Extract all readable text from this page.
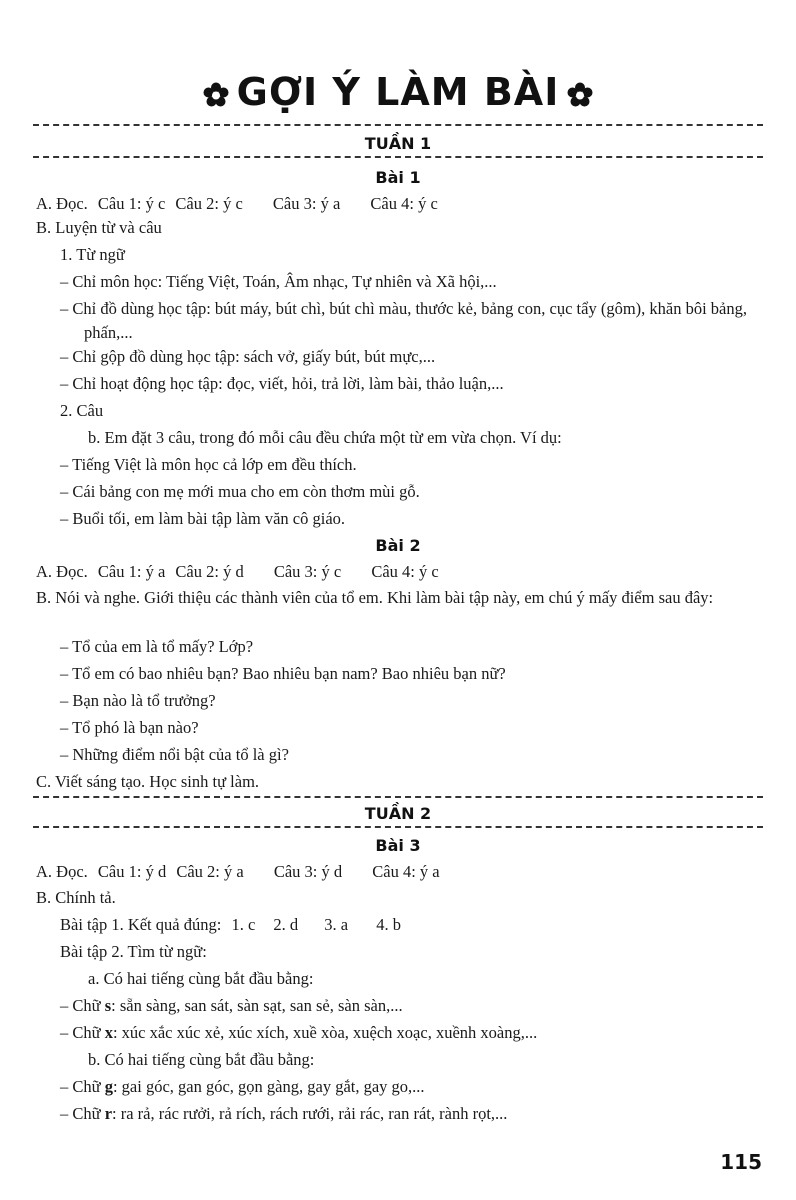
GỢI Ý LÀM BÀI
TUẦN 1
Bài 1
A. Đọc. Câu 1: ý c Câu 2: ý c Câu 3: ý a Câu 4: ý c
B. Luyện từ và câu
1. Từ ngữ
– Chỉ môn học: Tiếng Việt, Toán, Âm nhạc, Tự nhiên và Xã hội,...
– Chỉ đồ dùng học tập: bút máy, bút chì, bút chì màu, thước kẻ, bảng con, cục tẩy (gôm), khăn bôi bảng, phấn,...
– Chỉ gộp đồ dùng học tập: sách vở, giấy bút, bút mực,...
– Chỉ hoạt động học tập: đọc, viết, hỏi, trả lời, làm bài, thảo luận,...
2. Câu
b. Em đặt 3 câu, trong đó mỗi câu đều chứa một từ em vừa chọn. Ví dụ:
– Tiếng Việt là môn học cả lớp em đều thích.
– Cái bảng con mẹ mới mua cho em còn thơm mùi gỗ.
– Buổi tối, em làm bài tập làm văn cô giáo.
Bài 2
A. Đọc. Câu 1: ý a Câu 2: ý d Câu 3: ý c Câu 4: ý c
B. Nói và nghe. Giới thiệu các thành viên của tổ em. Khi làm bài tập này, em chú ý mấy điểm sau đây:
– Tổ của em là tổ mấy? Lớp?
– Tổ em có bao nhiêu bạn? Bao nhiêu bạn nam? Bao nhiêu bạn nữ?
– Bạn nào là tổ trưởng?
– Tổ phó là bạn nào?
– Những điểm nổi bật của tổ là gì?
C. Viết sáng tạo. Học sinh tự làm.
TUẦN 2
Bài 3
A. Đọc. Câu 1: ý d Câu 2: ý a Câu 3: ý d Câu 4: ý a
B. Chính tả.
Bài tập 1. Kết quả đúng: 1. c 2. d 3. a 4. b
Bài tập 2. Tìm từ ngữ:
a. Có hai tiếng cùng bắt đầu bằng:
– Chữ s: sẵn sàng, san sát, sàn sạt, san sẻ, sàn sàn,...
– Chữ x: xúc xắc xúc xẻ, xúc xích, xuề xòa, xuệch xoạc, xuềnh xoàng,...
b. Có hai tiếng cùng bắt đầu bằng:
– Chữ g: gai góc, gan góc, gọn gàng, gay gắt, gay go,...
– Chữ r: ra rả, rác rưởi, rả rích, rách rưới, rải rác, ran rát, rành rọt,...
115
